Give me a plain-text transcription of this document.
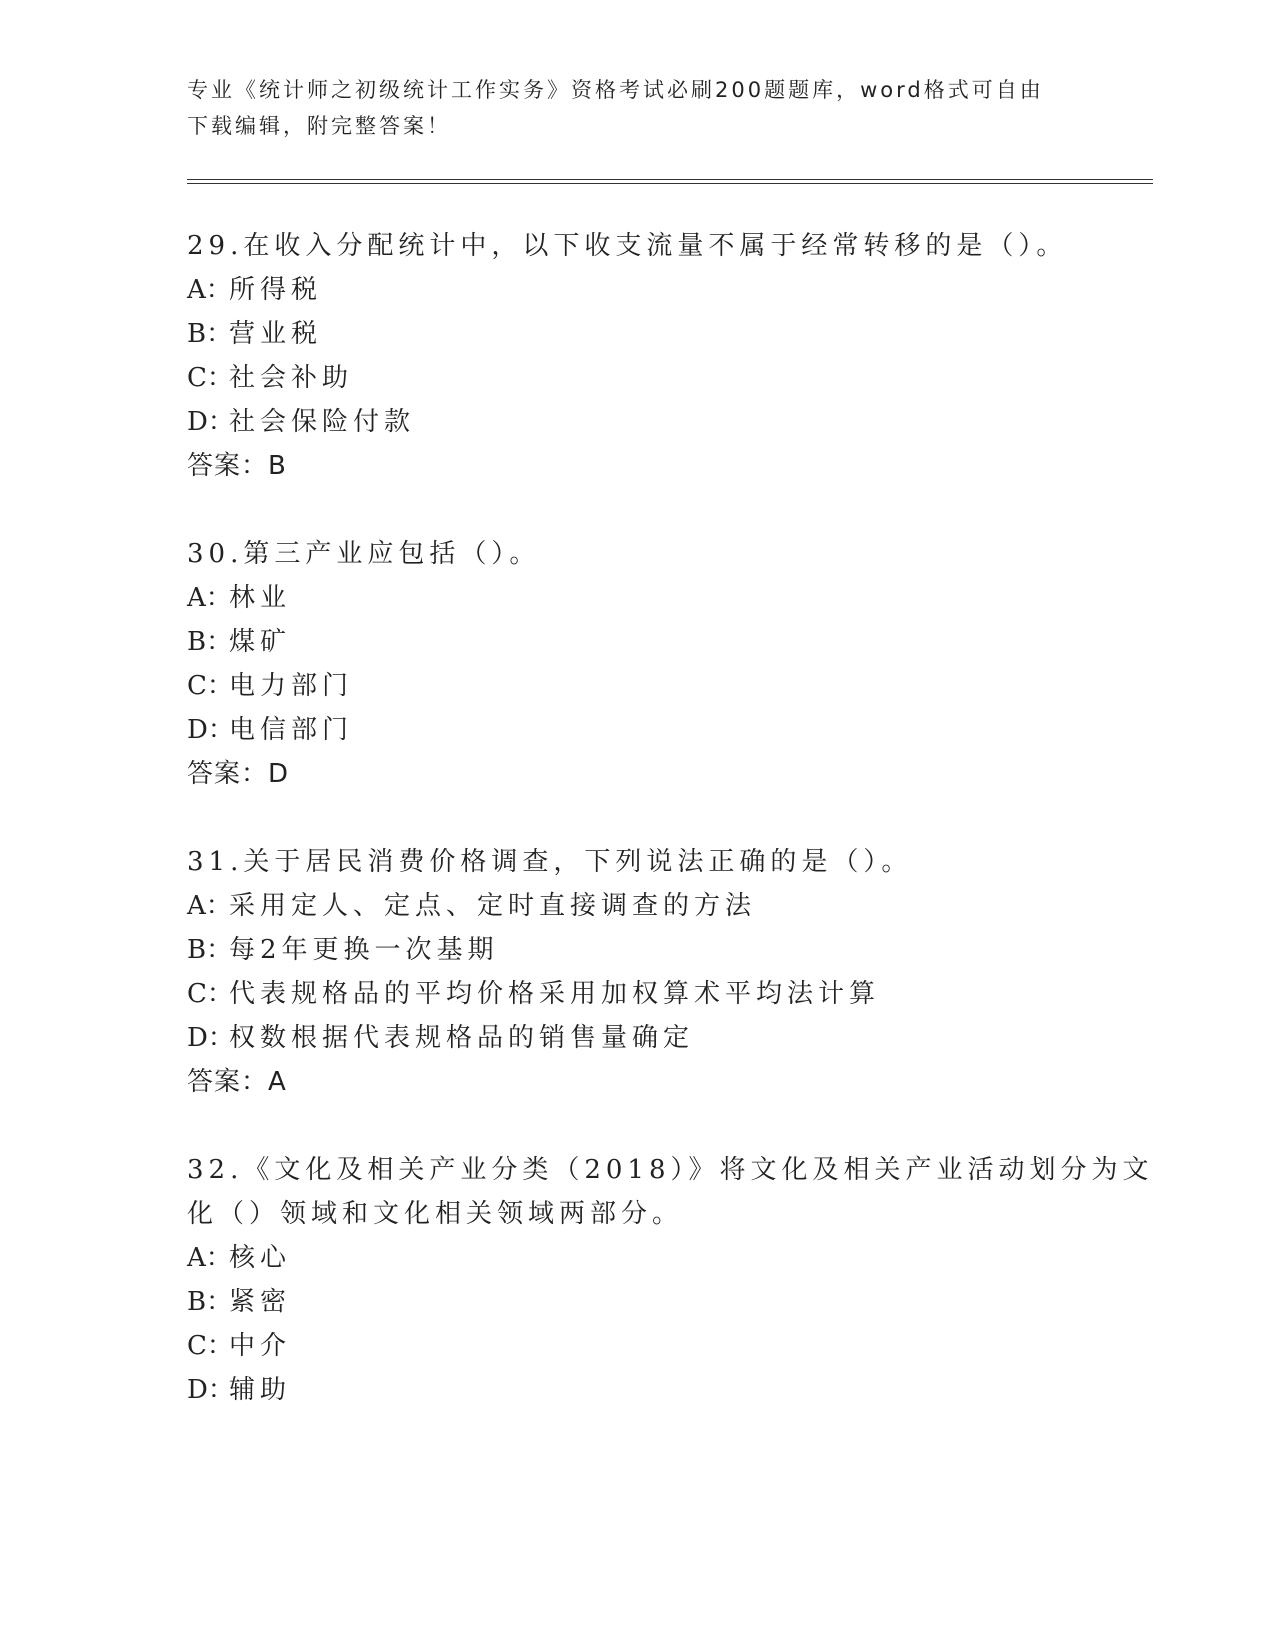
专业《统计师之初级统计工作实务》资格考试必刷200题题库，word格式可自由
下载编辑，附完整答案！
29.在收入分配统计中，以下收支流量不属于经常转移的是（）。
A：所得税
B：营业税
C：社会补助
D：社会保险付款
答案：B
30.第三产业应包括（）。
A：林业
B：煤矿
C：电力部门
D：电信部门
答案：D
31.关于居民消费价格调查，下列说法正确的是（）。
A：采用定人、定点、定时直接调查的方法
B：每2年更换一次基期
C：代表规格品的平均价格采用加权算术平均法计算
D：权数根据代表规格品的销售量确定
答案：A
32.《文化及相关产业分类（2018）》将文化及相关产业活动划分为文
化（）领域和文化相关领域两部分。
A：核心
B：紧密
C：中介
D：辅助
